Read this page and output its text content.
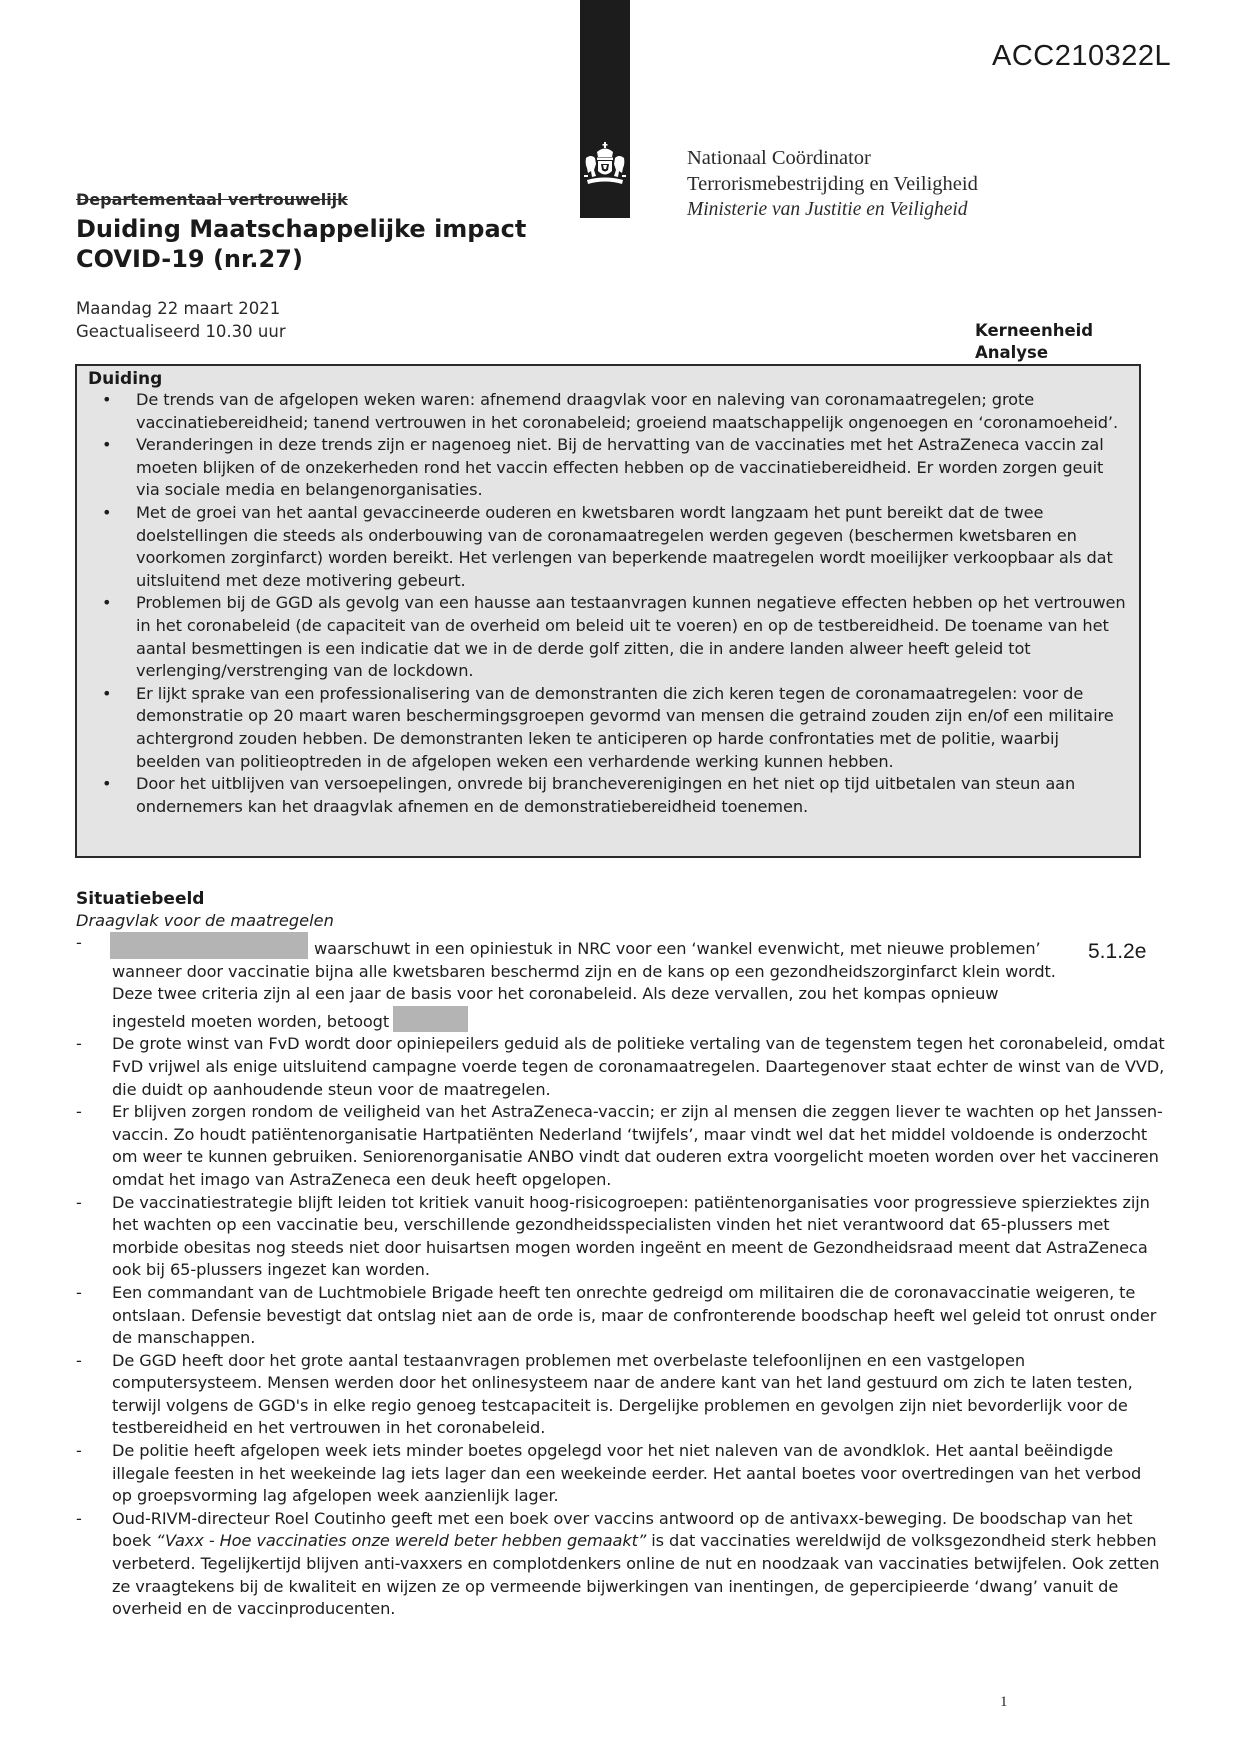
ACC210322L
Nationaal Coördinator
Terrorismebestrijding en Veiligheid
Ministerie van Justitie en Veiligheid
Departementaal vertrouwelijk
Duiding Maatschappelijke impact
COVID-19 (nr.27)
Maandag 22 maart 2021
Geactualiseerd 10.30 uur	Kerneenheid
Analyse
Duiding
• De trends van de afgelopen weken waren: afnemend draagvlak voor en naleving van coronamaatregelen; grote vaccinatiebereidheid; tanend vertrouwen in het coronabeleid; groeiend maatschappelijk ongenoegen en ‘coronamoeheid’.
• Veranderingen in deze trends zijn er nagenoeg niet. Bij de hervatting van de vaccinaties met het AstraZeneca vaccin zal moeten blijken of de onzekerheden rond het vaccin effecten hebben op de vaccinatiebereidheid. Er worden zorgen geuit via sociale media en belangenorganisaties.
• Met de groei van het aantal gevaccineerde ouderen en kwetsbaren wordt langzaam het punt bereikt dat de twee doelstellingen die steeds als onderbouwing van de coronamaatregelen werden gegeven (beschermen kwetsbaren en voorkomen zorginfarct) worden bereikt. Het verlengen van beperkende maatregelen wordt moeilijker verkoopbaar als dat uitsluitend met deze motivering gebeurt.
• Problemen bij de GGD als gevolg van een hausse aan testaanvragen kunnen negatieve effecten hebben op het vertrouwen in het coronabeleid (de capaciteit van de overheid om beleid uit te voeren) en op de testbereidheid. De toename van het aantal besmettingen is een indicatie dat we in de derde golf zitten, die in andere landen alweer heeft geleid tot verlenging/verstrenging van de lockdown.
• Er lijkt sprake van een professionalisering van de demonstranten die zich keren tegen de coronamaatregelen: voor de demonstratie op 20 maart waren beschermingsgroepen gevormd van mensen die getraind zouden zijn en/of een militaire achtergrond zouden hebben. De demonstranten leken te anticiperen op harde confrontaties met de politie, waarbij beelden van politieoptreden in de afgelopen weken een verhardende werking kunnen hebben.
• Door het uitblijven van versoepelingen, onvrede bij brancheverenigingen en het niet op tijd uitbetalen van steun aan ondernemers kan het draagvlak afnemen en de demonstratiebereidheid toenemen.
Situatiebeeld
Draagvlak voor de maatregelen
-	waarschuwt in een opiniestuk in NRC voor een ‘wankel evenwicht, met nieuwe problemen’ wanneer door vaccinatie bijna alle kwetsbaren beschermd zijn en de kans op een gezondheidszorginfarct klein wordt. Deze twee criteria zijn al een jaar de basis voor het coronabeleid. Als deze vervallen, zou het kompas opnieuw ingesteld moeten worden, betoogt
- De grote winst van FvD wordt door opiniepeilers geduid als de politieke vertaling van de tegenstem tegen het coronabeleid, omdat FvD vrijwel als enige uitsluitend campagne voerde tegen de coronamaatregelen. Daartegenover staat echter de winst van de VVD, die duidt op aanhoudende steun voor de maatregelen.
- Er blijven zorgen rondom de veiligheid van het AstraZeneca-vaccin; er zijn al mensen die zeggen liever te wachten op het Janssen-vaccin. Zo houdt patiëntenorganisatie Hartpatiënten Nederland ‘twijfels’, maar vindt wel dat het middel voldoende is onderzocht om weer te kunnen gebruiken. Seniorenorganisatie ANBO vindt dat ouderen extra voorgelicht moeten worden over het vaccineren omdat het imago van AstraZeneca een deuk heeft opgelopen.
- De vaccinatiestrategie blijft leiden tot kritiek vanuit hoog-risicogroepen: patiëntenorganisaties voor progressieve spierziektes zijn het wachten op een vaccinatie beu, verschillende gezondheidsspecialisten vinden het niet verantwoord dat 65-plussers met morbide obesitas nog steeds niet door huisartsen mogen worden ingeënt en meent de Gezondheidsraad meent dat AstraZeneca ook bij 65-plussers ingezet kan worden.
- Een commandant van de Luchtmobiele Brigade heeft ten onrechte gedreigd om militairen die de coronavaccinatie weigeren, te ontslaan. Defensie bevestigt dat ontslag niet aan de orde is, maar de confronterende boodschap heeft wel geleid tot onrust onder de manschappen.
- De GGD heeft door het grote aantal testaanvragen problemen met overbelaste telefoonlijnen en een vastgelopen computersysteem. Mensen werden door het onlinesysteem naar de andere kant van het land gestuurd om zich te laten testen, terwijl volgens de GGD's in elke regio genoeg testcapaciteit is. Dergelijke problemen en gevolgen zijn niet bevorderlijk voor de testbereidheid en het vertrouwen in het coronabeleid.
- De politie heeft afgelopen week iets minder boetes opgelegd voor het niet naleven van de avondklok. Het aantal beëindigde illegale feesten in het weekeinde lag iets lager dan een weekeinde eerder. Het aantal boetes voor overtredingen van het verbod op groepsvorming lag afgelopen week aanzienlijk lager.
- Oud-RIVM-directeur Roel Coutinho geeft met een boek over vaccins antwoord op de antivaxx-beweging. De boodschap van het boek “Vaxx - Hoe vaccinaties onze wereld beter hebben gemaakt” is dat vaccinaties wereldwijd de volksgezondheid sterk hebben verbeterd. Tegelijkertijd blijven anti-vaxxers en complotdenkers online de nut en noodzaak van vaccinaties betwijfelen. Ook zetten ze vraagtekens bij de kwaliteit en wijzen ze op vermeende bijwerkingen van inentingen, de gepercipieerde ‘dwang’ vanuit de overheid en de vaccinproducenten.
5.1.2e
1
